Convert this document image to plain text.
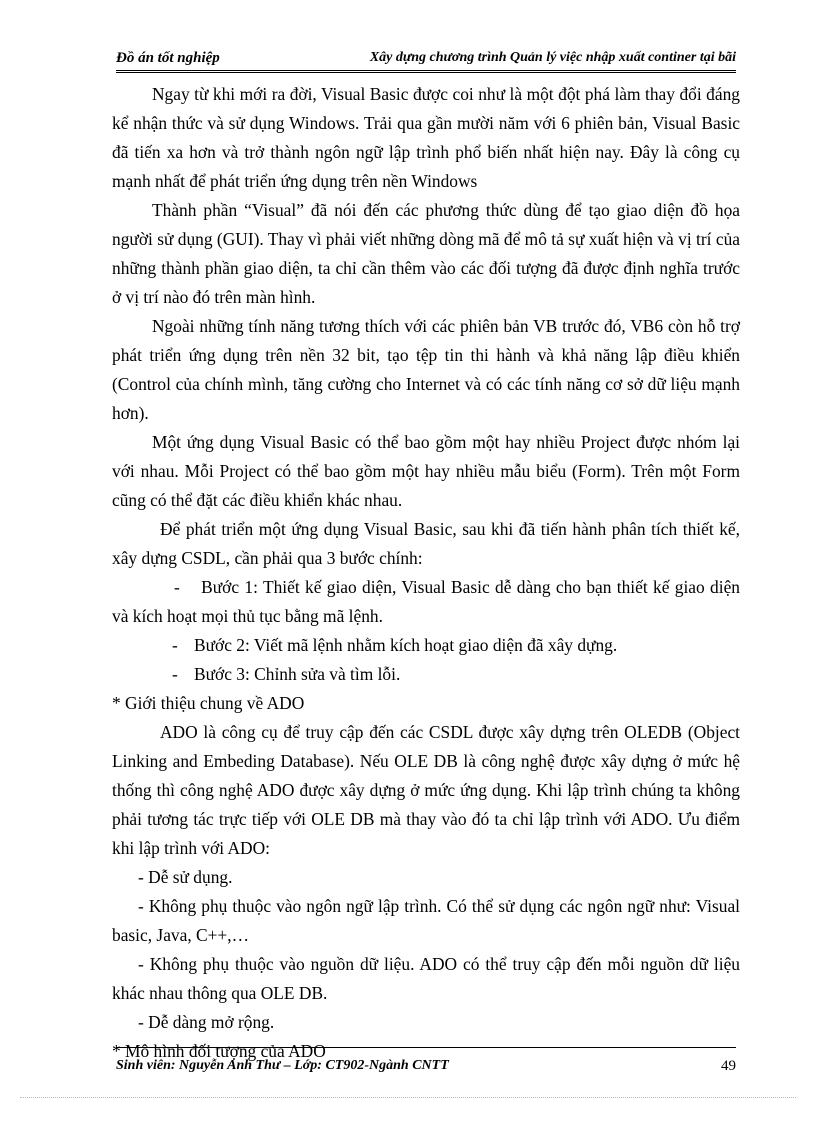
Đồ án tốt nghiệp	Xây dựng chương trình Quản lý việc nhập xuất continer tại bãi

Ngay từ khi mới ra đời, Visual Basic được coi như là một đột phá làm thay đổi đáng kể nhận thức và sử dụng Windows. Trải qua gần mười năm với 6 phiên bản, Visual Basic đã tiến xa hơn và trở thành ngôn ngữ lập trình phổ biến nhất hiện nay. Đây là công cụ mạnh nhất để phát triển ứng dụng trên nền Windows

Thành phần “Visual” đã nói đến các phương thức dùng để tạo giao diện đồ họa người sử dụng (GUI). Thay vì phải viết những dòng mã để mô tả sự xuất hiện và vị trí của những thành phần giao diện, ta chỉ cần thêm vào các đối tượng đã được định nghĩa trước ở vị trí nào đó trên màn hình.

Ngoài những tính năng tương thích với các phiên bản VB trước đó, VB6 còn hỗ trợ phát triển ứng dụng trên nền 32 bit, tạo tệp tin thi hành và khả năng lập điều khiển (Control của chính mình, tăng cường cho Internet và có các tính năng cơ sở dữ liệu mạnh hơn).

Một ứng dụng Visual Basic có thể bao gồm một hay nhiều Project được nhóm lại với nhau. Mỗi Project có thể bao gồm một hay nhiều mẫu biểu (Form). Trên một Form cũng có thể đặt các điều khiển khác nhau.

Để phát triển một ứng dụng Visual Basic, sau khi đã tiến hành phân tích thiết kế, xây dựng CSDL, cần phải qua 3 bước chính:

- Bước 1: Thiết kế giao diện, Visual Basic dễ dàng cho bạn thiết kế giao diện và kích hoạt mọi thủ tục bằng mã lệnh.

- Bước 2: Viết mã lệnh nhằm kích hoạt giao diện đã xây dựng.

- Bước 3: Chỉnh sửa và tìm lỗi.

* Giới thiệu chung về ADO

ADO là công cụ để truy cập đến các CSDL được xây dựng trên OLEDB (Object Linking and Embeding Database). Nếu OLE DB là công nghệ được xây dựng ở mức hệ thống thì công nghệ ADO được xây dựng ở mức ứng dụng. Khi lập trình chúng ta không phải tương tác trực tiếp với OLE DB mà thay vào đó ta chỉ lập trình với ADO. Ưu điểm khi lập trình với ADO:

- Dễ sử dụng.

- Không phụ thuộc vào ngôn ngữ lập trình. Có thể sử dụng các ngôn ngữ như: Visual basic, Java, C++,…

- Không phụ thuộc vào nguồn dữ liệu. ADO có thể truy cập đến mỗi nguồn dữ liệu khác nhau thông qua OLE DB.

- Dễ dàng mở rộng.

* Mô hình đối tượng của ADO

Sinh viên: Nguyễn Anh Thư – Lớp: CT902-Ngành CNTT	49
